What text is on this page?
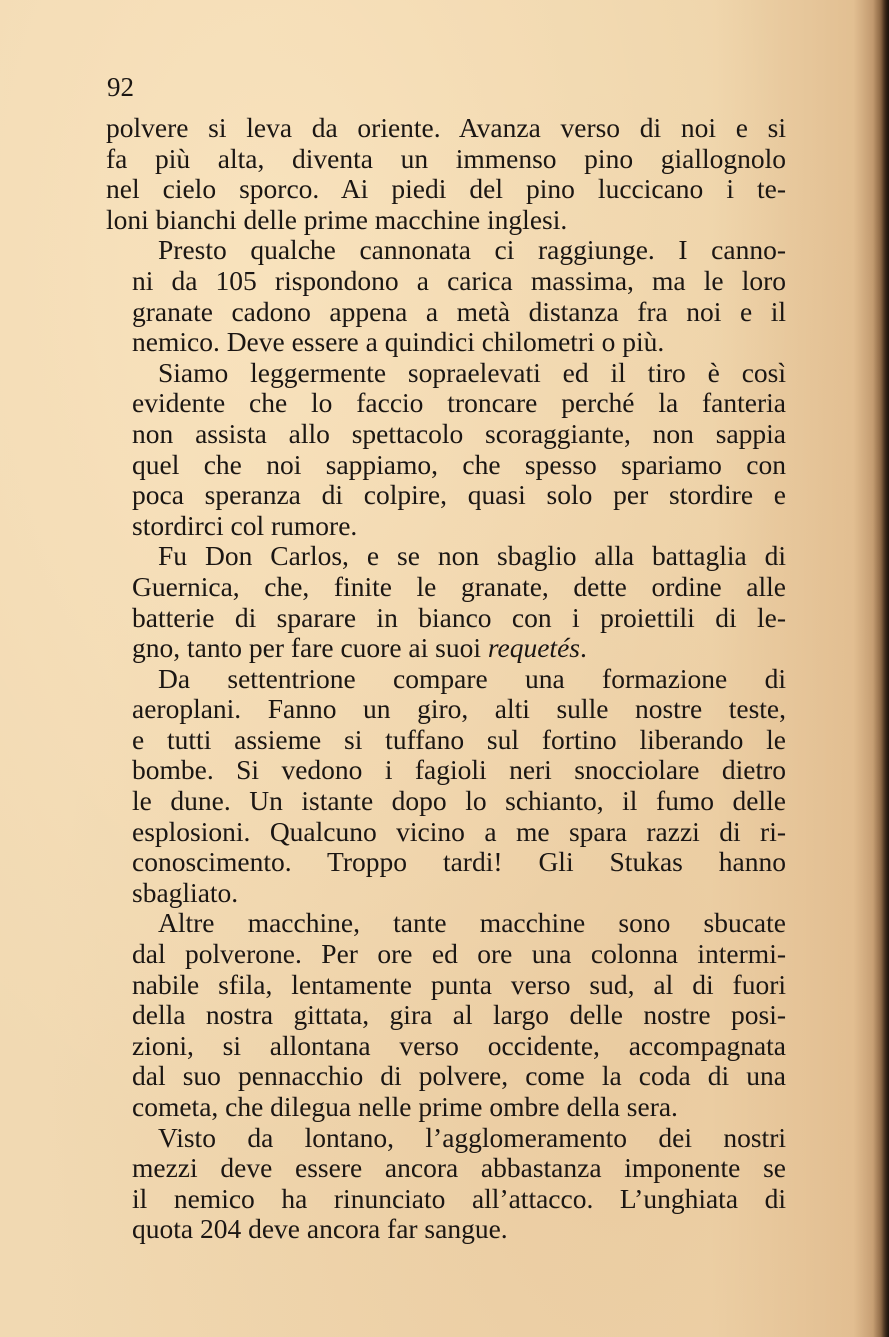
92
polvere si leva da oriente. Avanza verso di noi e si
fa più alta, diventa un immenso pino giallognolo
nel cielo sporco. Ai piedi del pino luccicano i te-
loni bianchi delle prime macchine inglesi.
Presto qualche cannonata ci raggiunge. I canno-
ni da 105 rispondono a carica massima, ma le loro
granate cadono appena a metà distanza fra noi e il
nemico. Deve essere a quindici chilometri o più.
Siamo leggermente sopraelevati ed il tiro è così
evidente che lo faccio troncare perché la fanteria
non assista allo spettacolo scoraggiante, non sappia
quel che noi sappiamo, che spesso spariamo con
poca speranza di colpire, quasi solo per stordire e
stordirci col rumore.
Fu Don Carlos, e se non sbaglio alla battaglia di
Guernica, che, finite le granate, dette ordine alle
batterie di sparare in bianco con i proiettili di le-
gno, tanto per fare cuore ai suoi requetés.
Da settentrione compare una formazione di
aeroplani. Fanno un giro, alti sulle nostre teste,
e tutti assieme si tuffano sul fortino liberando le
bombe. Si vedono i fagioli neri snocciolare dietro
le dune. Un istante dopo lo schianto, il fumo delle
esplosioni. Qualcuno vicino a me spara razzi di ri-
conoscimento. Troppo tardi! Gli Stukas hanno
sbagliato.
Altre macchine, tante macchine sono sbucate
dal polverone. Per ore ed ore una colonna intermi-
nabile sfila, lentamente punta verso sud, al di fuori
della nostra gittata, gira al largo delle nostre posi-
zioni, si allontana verso occidente, accompagnata
dal suo pennacchio di polvere, come la coda di una
cometa, che dilegua nelle prime ombre della sera.
Visto da lontano, l’agglomeramento dei nostri
mezzi deve essere ancora abbastanza imponente se
il nemico ha rinunciato all’attacco. L’unghiata di
quota 204 deve ancora far sangue.
